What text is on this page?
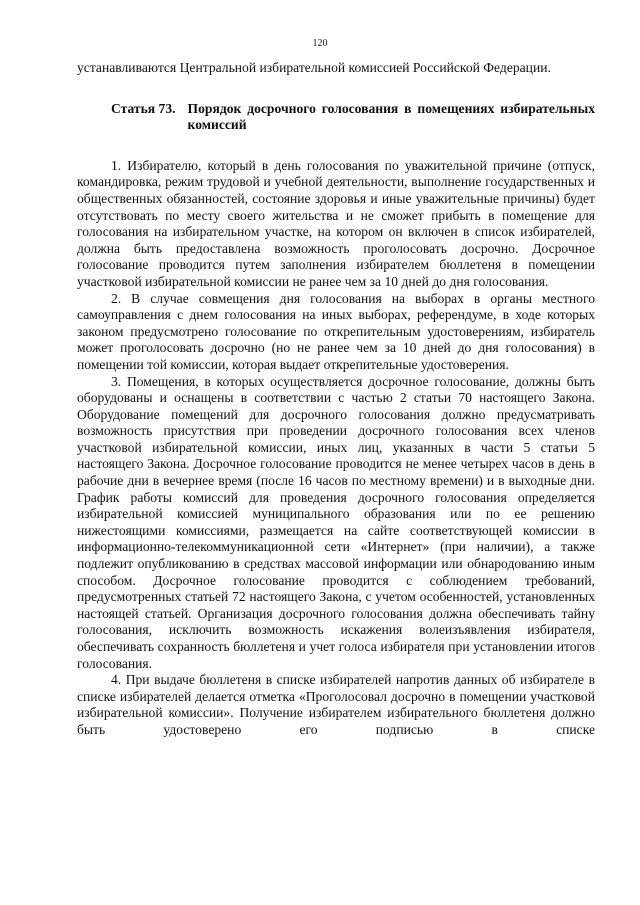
120

устанавливаются Центральной избирательной комиссией Российской Федерации.

Статья 73. Порядок досрочного голосования в помещениях избирательных комиссий

1. Избирателю, который в день голосования по уважительной причине (отпуск, командировка, режим трудовой и учебной деятельности, выполнение государственных и общественных обязанностей, состояние здоровья и иные уважительные причины) будет отсутствовать по месту своего жительства и не сможет прибыть в помещение для голосования на избирательном участке, на котором он включен в список избирателей, должна быть предоставлена возможность проголосовать досрочно. Досрочное голосование проводится путем заполнения избирателем бюллетеня в помещении участковой избирательной комиссии не ранее чем за 10 дней до дня голосования.

2. В случае совмещения дня голосования на выборах в органы местного самоуправления с днем голосования на иных выборах, референдуме, в ходе которых законом предусмотрено голосование по открепительным удостоверениям, избиратель может проголосовать досрочно (но не ранее чем за 10 дней до дня голосования) в помещении той комиссии, которая выдает открепительные удостоверения.

3. Помещения, в которых осуществляется досрочное голосование, должны быть оборудованы и оснащены в соответствии с частью 2 статьи 70 настоящего Закона. Оборудование помещений для досрочного голосования должно предусматривать возможность присутствия при проведении досрочного голосования всех членов участковой избирательной комиссии, иных лиц, указанных в части 5 статьи 5 настоящего Закона. Досрочное голосование проводится не менее четырех часов в день в рабочие дни в вечернее время (после 16 часов по местному времени) и в выходные дни. График работы комиссий для проведения досрочного голосования определяется избирательной комиссией муниципального образования или по ее решению нижестоящими комиссиями, размещается на сайте соответствующей комиссии в информационно-телекоммуникационной сети «Интернет» (при наличии), а также подлежит опубликованию в средствах массовой информации или обнародованию иным способом. Досрочное голосование проводится с соблюдением требований, предусмотренных статьей 72 настоящего Закона, с учетом особенностей, установленных настоящей статьей. Организация досрочного голосования должна обеспечивать тайну голосования, исключить возможность искажения волеизъявления избирателя, обеспечивать сохранность бюллетеня и учет голоса избирателя при установлении итогов голосования.

4. При выдаче бюллетеня в списке избирателей напротив данных об избирателе в списке избирателей делается отметка «Проголосовал досрочно в помещении участковой избирательной комиссии». Получение избирателем избирательного бюллетеня должно быть удостоверено его подписью в списке
